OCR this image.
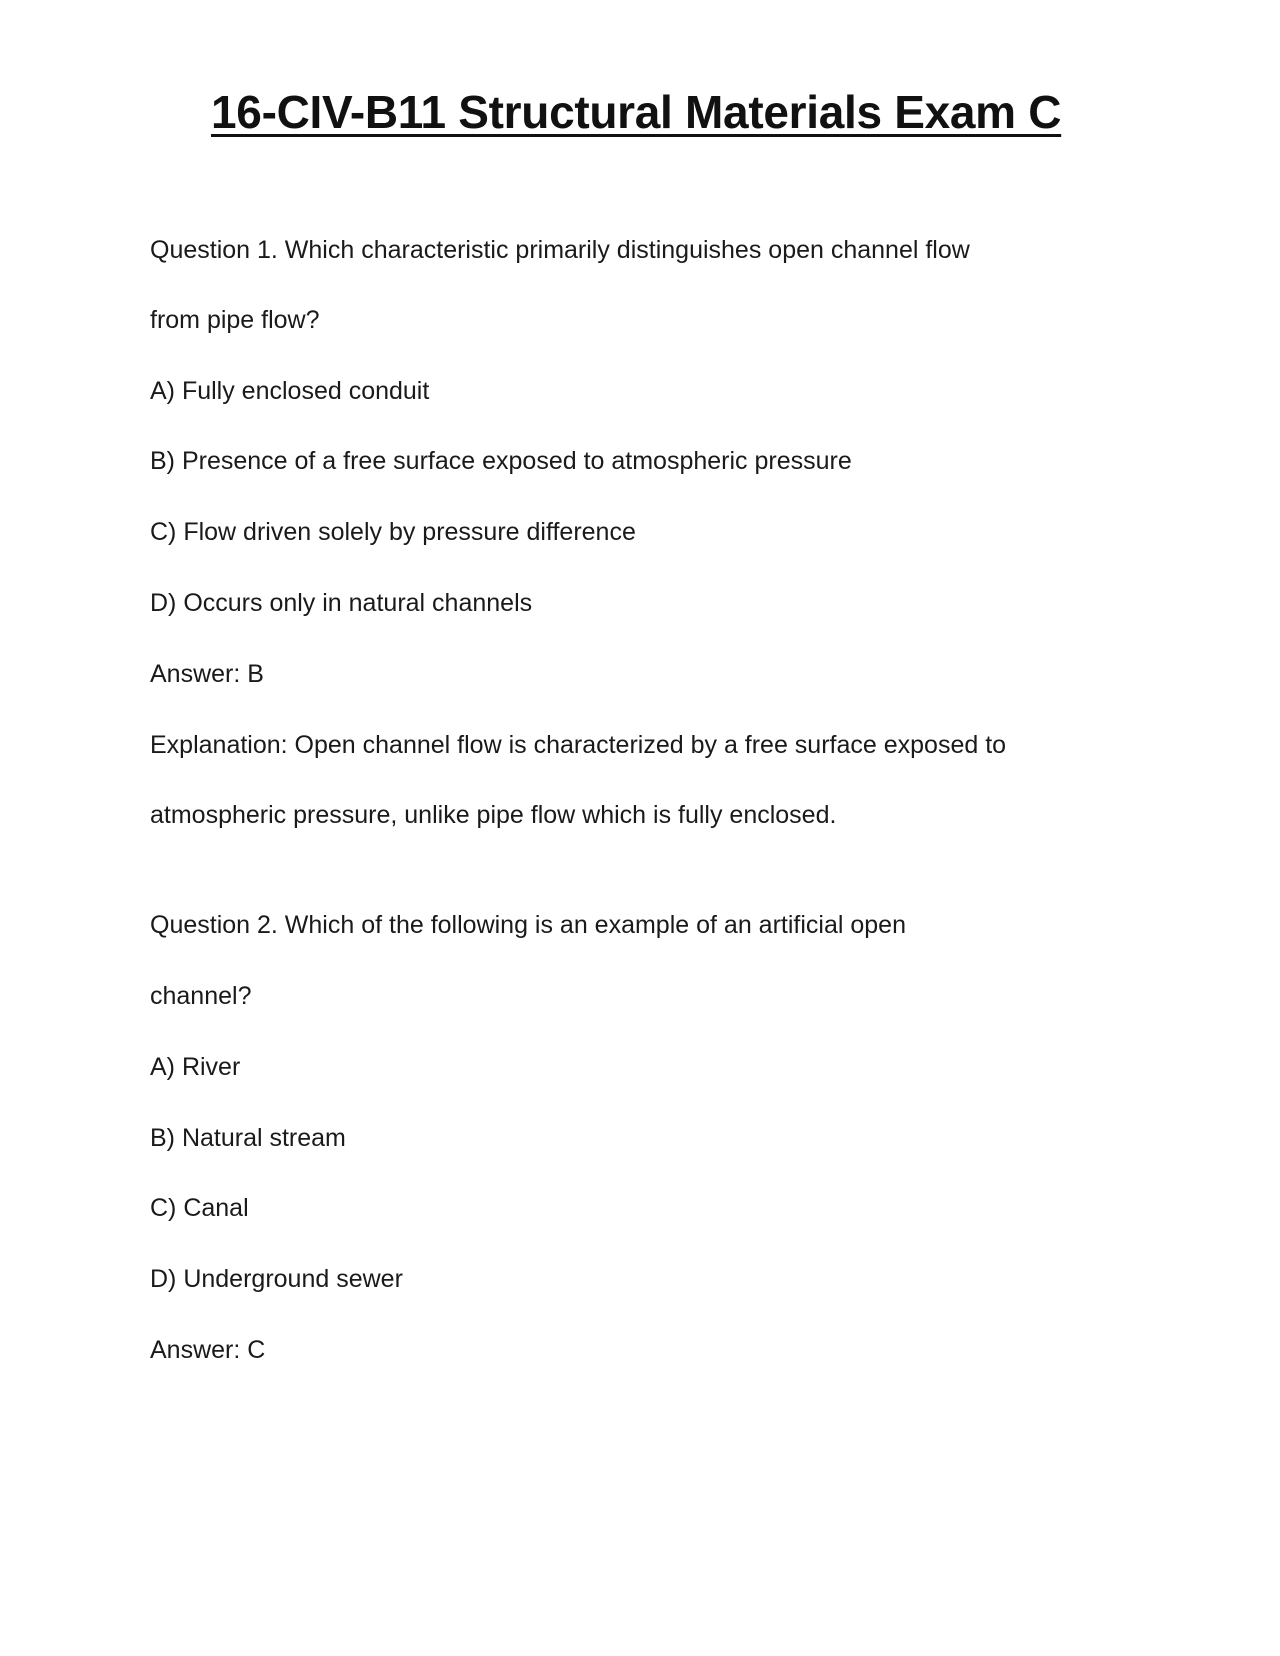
16-CIV-B11 Structural Materials Exam C

Question 1. Which characteristic primarily distinguishes open channel flow

from pipe flow?

A) Fully enclosed conduit

B) Presence of a free surface exposed to atmospheric pressure

C) Flow driven solely by pressure difference

D) Occurs only in natural channels

Answer: B

Explanation: Open channel flow is characterized by a free surface exposed to

atmospheric pressure, unlike pipe flow which is fully enclosed.

Question 2. Which of the following is an example of an artificial open

channel?

A) River

B) Natural stream

C) Canal

D) Underground sewer

Answer: C
